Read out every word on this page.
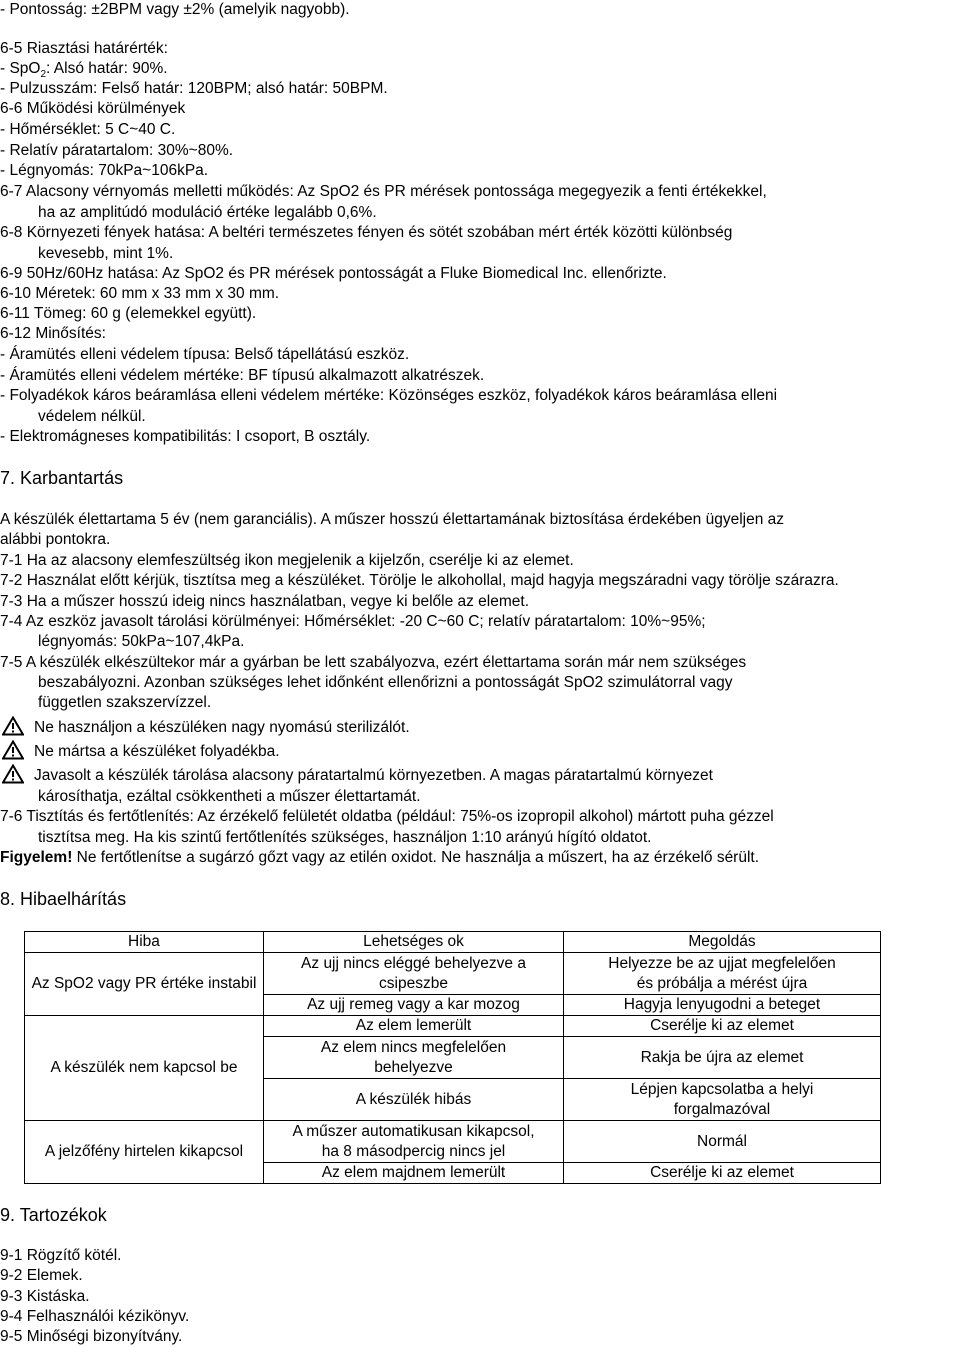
- Pontosság: ±2BPM vagy ±2% (amelyik nagyobb).
6-5 Riasztási határérték:
- SpO$_2$: Alsó határ: 90%.
- Pulzusszám: Felső határ: 120BPM; alsó határ: 50BPM.
6-6 Működési körülmények
- Hőmérséklet: 5 C~40 C.
- Relatív páratartalom: 30%~80%.
- Légnyomás: 70kPa~106kPa.
6-7 Alacsony vérnyomás melletti működés: Az SpO2 és PR mérések pontossága megegyezik a fenti értékekkel,
ha az amplitúdó moduláció értéke legalább 0,6%.
6-8 Környezeti fények hatása: A beltéri természetes fényen és sötét szobában mért érték közötti különbség
kevesebb, mint 1%.
6-9 50Hz/60Hz hatása: Az SpO2 és PR mérések pontosságát a Fluke Biomedical Inc. ellenőrizte.
6-10 Méretek: 60 mm x 33 mm x 30 mm.
6-11 Tömeg: 60 g (elemekkel együtt).
6-12 Minősítés:
- Áramütés elleni védelem típusa: Belső tápellátású eszköz.
- Áramütés elleni védelem mértéke: BF típusú alkalmazott alkatrészek.
- Folyadékok káros beáramlása elleni védelem mértéke: Közönséges eszköz, folyadékok káros beáramlása elleni
védelem nélkül.
- Elektromágneses kompatibilitás: I csoport, B osztály.
7. Karbantartás
A készülék élettartama 5 év (nem garanciális). A műszer hosszú élettartamának biztosítása érdekében ügyeljen az
alábbi pontokra.
7-1 Ha az alacsony elemfeszültség ikon megjelenik a kijelzőn, cserélje ki az elemet.
7-2 Használat előtt kérjük, tisztítsa meg a készüléket. Törölje le alkohollal, majd hagyja megszáradni vagy törölje szárazra.
7-3 Ha a műszer hosszú ideig nincs használatban, vegye ki belőle az elemet.
7-4 Az eszköz javasolt tárolási körülményei: Hőmérséklet: -20 C~60 C; relatív páratartalom: 10%~95%;
légnyomás: 50kPa~107,4kPa.
7-5 A készülék elkészültekor már a gyárban be lett szabályozva, ezért élettartama során már nem szükséges
beszabályozni. Azonban szükséges lehet időnként ellenőrizni a pontosságát SpO2 szimulátorral vagy
független szakszervízzel.
Ne használjon a készüléken nagy nyomású sterilizálót.
Ne mártsa a készüléket folyadékba.
Javasolt a készülék tárolása alacsony páratartalmú környezetben. A magas páratartalmú környezet
károsíthatja, ezáltal csökkentheti a műszer élettartamát.
7-6 Tisztítás és fertőtlenítés: Az érzékelő felületét oldatba (például: 75%-os izopropil alkohol) mártott puha gézzel
tisztítsa meg. Ha kis szintű fertőtlenítés szükséges, használjon 1:10 arányú hígító oldatot.
Figyelem! Ne fertőtlenítse a sugárzó gőzt vagy az etilén oxidot. Ne használja a műszert, ha az érzékelő sérült.
8. Hibaelhárítás
Hiba	Lehetséges ok	Megoldás
Az SpO2 vagy PR értéke instabil	Az ujj nincs eléggé behelyezve a
csipeszbe	Helyezze be az ujjat megfelelően
és próbálja a mérést újra
	Az ujj remeg vagy a kar mozog	Hagyja lenyugodni a beteget
A készülék nem kapcsol be	Az elem lemerült	Cserélje ki az elemet
	Az elem nincs megfelelően
behelyezve	Rakja be újra az elemet
	A készülék hibás	Lépjen kapcsolatba a helyi
forgalmazóval
A jelzőfény hirtelen kikapcsol	A műszer automatikusan kikapcsol,
ha 8 másodpercig nincs jel	Normál
	Az elem majdnem lemerült	Cserélje ki az elemet
9. Tartozékok
9-1 Rögzítő kötél.
9-2 Elemek.
9-3 Kistáska.
9-4 Felhasználói kézikönyv.
9-5 Minőségi bizonyítvány.
